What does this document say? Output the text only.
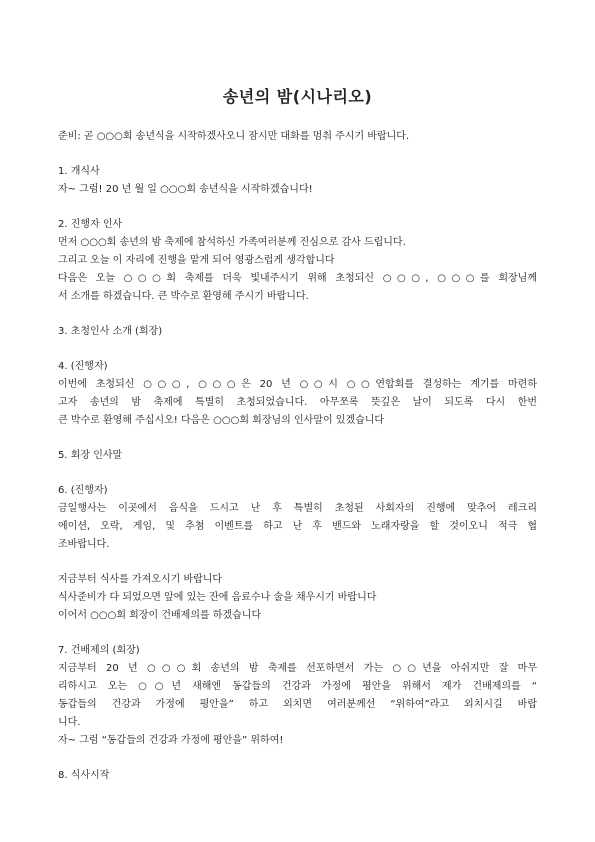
송년의 밤(시나리오)
준비: 곧 ○○○회 송년식을 시작하겠사오니 잠시만 대화를 멈춰 주시기 바랍니다.
1. 개식사
자~ 그럼! 20 년 월 일 ○○○회 송년식을 시작하겠습니다!
2. 진행자 인사
먼저 ○○○회 송년의 밤 축제에 참석하신 가족여러분께 진심으로 감사 드립니다.
그리고 오늘 이 자리에 진행을 맡게 되어 영광스럽게 생각합니다
다음은 오늘 ○○○회 축제를 더욱 빛내주시기 위해 초청되신 ○○○, ○○○를 회장님께
서 소개를 하겠습니다. 큰 박수로 환영해 주시기 바랍니다.
3. 초청인사 소개 (회장)
4. (진행자)
이번에 초청되신 ○○○, ○○○은 20 년 ○○시 ○○연합회를 결성하는 계기를 마련하
고자 송년의 밤 축제에 특별히 초청되었습니다. 아무쪼록 뜻깊은 날이 되도록 다시 한번
큰 박수로 환영해 주십시오! 다음은 ○○○회 회장님의 인사말이 있겠습니다
5. 회장 인사말
6. (진행자)
금일행사는 이곳에서 음식을 드시고 난 후 특별히 초청된 사회자의 진행에 맞추어 레크리
에이션, 오락, 게임, 및 추첨 이벤트를 하고 난 후 밴드와 노래자랑을 할 것이오니 적극 협
조바랍니다.
지금부터 식사를 가져오시기 바랍니다
식사준비가 다 되었으면 앞에 있는 잔에 음료수나 술을 채우시기 바랍니다
이어서 ○○○회 회장이 건배제의를 하겠습니다
7. 건배제의 (회장)
지금부터 20 년 ○○○회 송년의 밤 축제를 선포하면서 가는 ○○년을 아쉬지만 잘 마무
리하시고 오는 ○○년 새해엔 동갑들의 건강과 가정에 평안을 위해서 제가 건배제의를 “
동갑들의 건강과 가정에 평안을” 하고 외치면 여러분께선 “위하여”라고 외치시길 바랍
니다.
자~ 그럼 “동갑들의 건강과 가정에 평안을” 위하여!
8. 식사시작
